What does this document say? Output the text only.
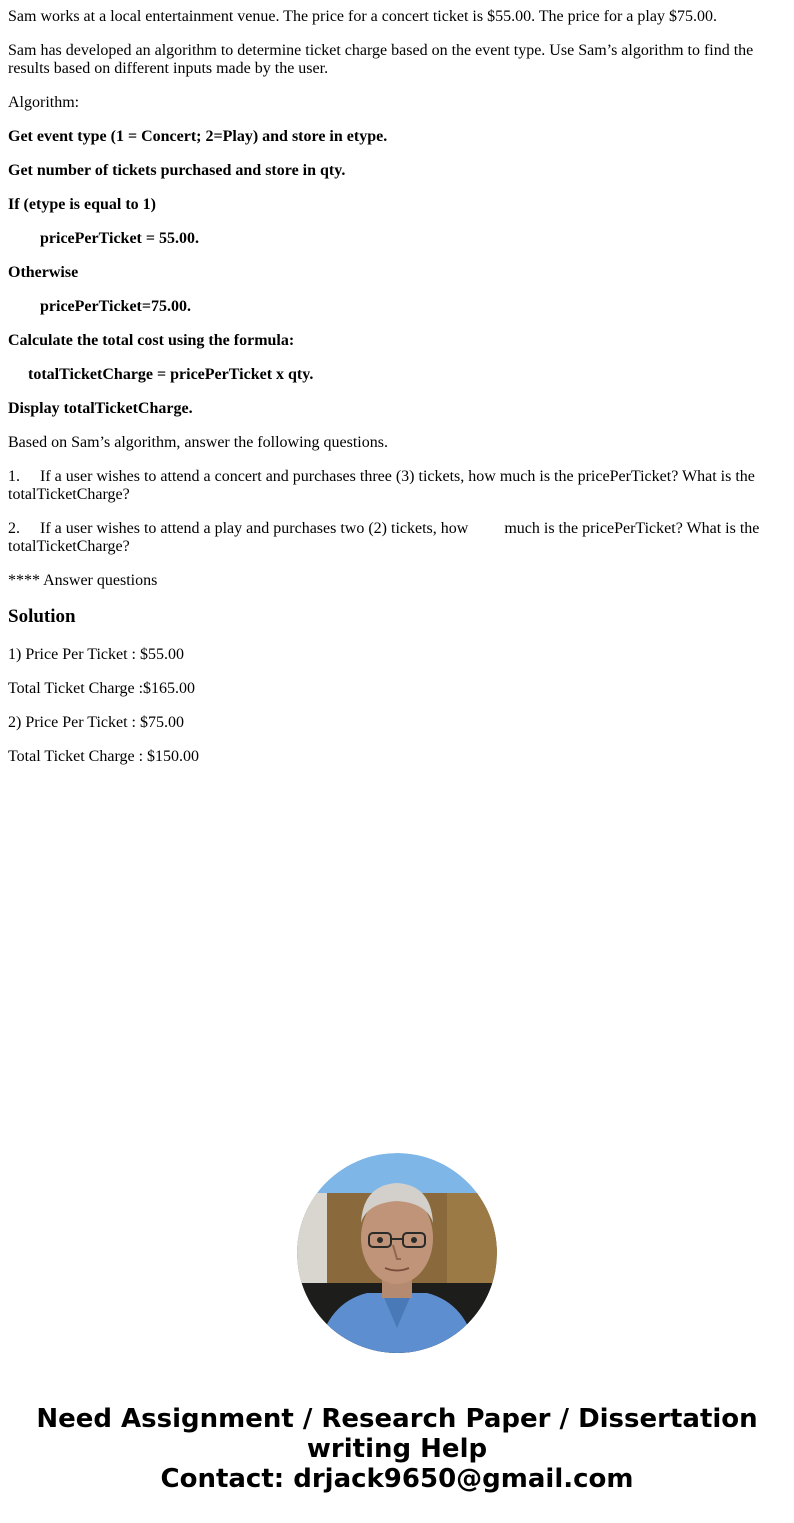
Sam works at a local entertainment venue. The price for a concert ticket is $55.00. The price for a play $75.00.

Sam has developed an algorithm to determine ticket charge based on the event type. Use Sam’s algorithm to find the results based on different inputs made by the user.

Algorithm:

Get event type (1 = Concert; 2=Play) and store in etype.

Get number of tickets purchased and store in qty.

If (etype is equal to 1)

pricePerTicket = 55.00.

Otherwise

pricePerTicket=75.00.

Calculate the total cost using the formula:

totalTicketCharge = pricePerTicket x qty.

Display totalTicketCharge.

Based on Sam’s algorithm, answer the following questions.

1. If a user wishes to attend a concert and purchases three (3) tickets, how much is the pricePerTicket? What is the totalTicketCharge?

2. If a user wishes to attend a play and purchases two (2) tickets, how much is the pricePerTicket? What is the totalTicketCharge?

**** Answer questions

Solution

1) Price Per Ticket : $55.00

Total Ticket Charge :$165.00

2) Price Per Ticket : $75.00

Total Ticket Charge : $150.00

Need Assignment / Research Paper / Dissertation
writing Help
Contact: drjack9650@gmail.com
